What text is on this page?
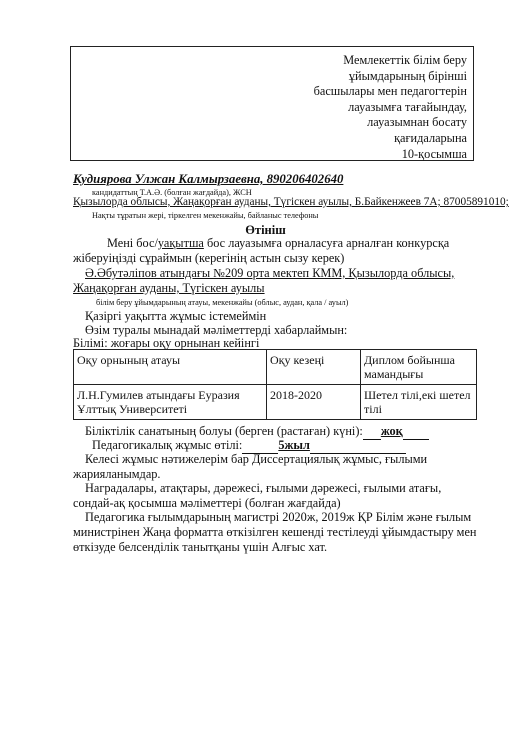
Мемлекеттік білім беру
ұйымдарының бірінші
басшылары мен педагогтерін
лауазымға тағайындау,
лауазымнан босату
қағидаларына
10-қосымша
Кудиярова Улжан Калмырзаевна, 890206402640
кандидаттың Т.А.Ә. (болған жағдайда), ЖСН
Қызылорда облысы, Жаңақорған ауданы, Түгіскен ауылы, Б.Байкенжеев 7А; 87005891010;
Нақты тұратын жері, тіркелген мекенжайы, байланыс телефоны
Өтініш
Мені бос/уақытша бос лауазымға орналасуға арналған конкурсқа
жіберуіңізді сұраймын (керегінің астын сызу керек)
Ә.Әбутәліпов атындағы №209 орта мектеп КММ, Қызылорда облысы,
Жаңақорған ауданы, Түгіскен ауылы
білім беру ұйымдарының атауы, мекенжайы (облыс, аудан, қала / ауыл)
Қазіргі уақытта жұмыс істемеймін
Өзім туралы мынадай мәліметтерді хабарлаймын:
Білімі: жоғары оқу орнынан кейінгі
Оқу орнының атауы	Оқу кезеңі	Диплом бойынша мамандығы
Л.Н.Гумилев атындағы Еуразия Ұлттық Университеті	2018-2020	Шетел тілі,екі шетел тілі
Біліктілік санатының болуы (берген (растаған) күні): жоқ
Педагогикалық жұмыс өтілі:	5жыл
Келесі жұмыс нәтижелерім бар Диссертациялық жұмыс, ғылыми жарияланымдар.
Наградалары, атақтары, дәрежесі, ғылыми дәрежесі, ғылыми атағы, сондай-ақ қосымша мәліметтері (болған жағдайда)
Педагогика ғылымдарының магистрі 2020ж, 2019ж ҚР Білім және ғылым министрінен Жаңа форматта өткізілген кешенді тестілеуді ұйымдастыру мен өткізуде белсенділік танытқаны үшін Алғыс хат.
